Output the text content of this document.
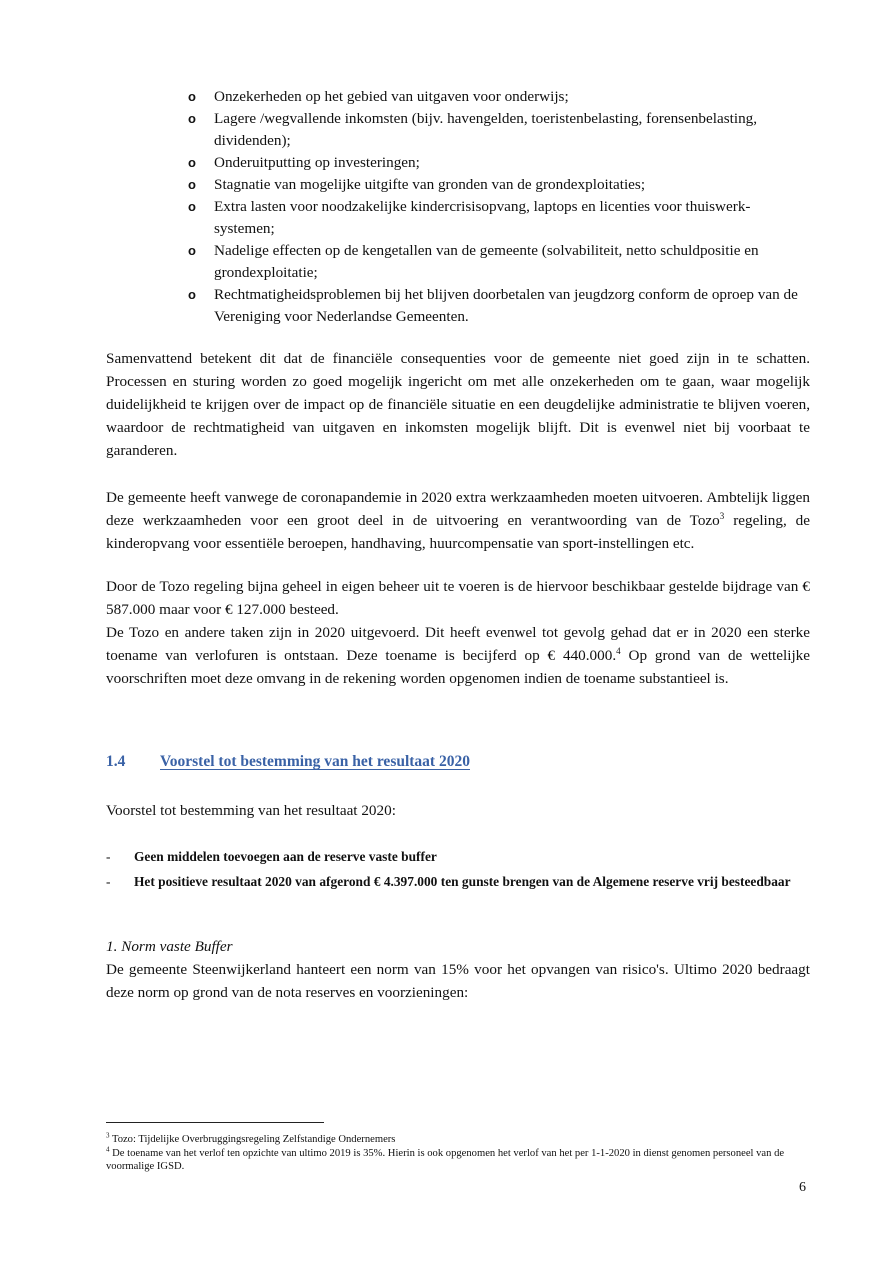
o Onzekerheden op het gebied van uitgaven voor onderwijs;
o Lagere /wegvallende inkomsten (bijv. havengelden, toeristenbelasting, forensenbelasting, dividenden);
o Onderuitputting op investeringen;
o Stagnatie van mogelijke uitgifte van gronden van de grondexploitaties;
o Extra lasten voor noodzakelijke kindercrisisopvang, laptops en licenties voor thuiswerk-systemen;
o Nadelige effecten op de kengetallen van de gemeente (solvabiliteit, netto schuldpositie en grondexploitatie;
o Rechtmatigheidsproblemen bij het blijven doorbetalen van jeugdzorg conform de oproep van de Vereniging voor Nederlandse Gemeenten.

Samenvattend betekent dit dat de financiële consequenties voor de gemeente niet goed zijn in te schatten. Processen en sturing worden zo goed mogelijk ingericht om met alle onzekerheden om te gaan, waar mogelijk duidelijkheid te krijgen over de impact op de financiële situatie en een deugdelijke administratie te blijven voeren, waardoor de rechtmatigheid van uitgaven en inkomsten mogelijk blijft. Dit is evenwel niet bij voorbaat te garanderen.

De gemeente heeft vanwege de coronapandemie in 2020 extra werkzaamheden moeten uitvoeren. Ambtelijk liggen deze werkzaamheden voor een groot deel in de uitvoering en verantwoording van de Tozo$^3$ regeling, de kinderopvang voor essentiële beroepen, handhaving, huurcompensatie van sport-instellingen etc.

Door de Tozo regeling bijna geheel in eigen beheer uit te voeren is de hiervoor beschikbaar gestelde bijdrage van € 587.000 maar voor € 127.000 besteed.

De Tozo en andere taken zijn in 2020 uitgevoerd. Dit heeft evenwel tot gevolg gehad dat er in 2020 een sterke toename van verlofuren is ontstaan. Deze toename is becijferd op € 440.000.$^4$ Op grond van de wettelijke voorschriften moet deze omvang in de rekening worden opgenomen indien de toename substantieel is.

1.4 Voorstel tot bestemming van het resultaat 2020

Voorstel tot bestemming van het resultaat 2020:

- Geen middelen toevoegen aan de reserve vaste buffer
- Het positieve resultaat 2020 van afgerond € 4.397.000 ten gunste brengen van de Algemene reserve vrij besteedbaar

1. Norm vaste Buffer

De gemeente Steenwijkerland hanteert een norm van 15% voor het opvangen van risico's. Ultimo 2020 bedraagt deze norm op grond van de nota reserves en voorzieningen:

$^3$ Tozo: Tijdelijke Overbruggingsregeling Zelfstandige Ondernemers

$^4$ De toename van het verlof ten opzichte van ultimo 2019 is 35%. Hierin is ook opgenomen het verlof van het per 1-1-2020 in dienst genomen personeel van de voormalige IGSD.

6
